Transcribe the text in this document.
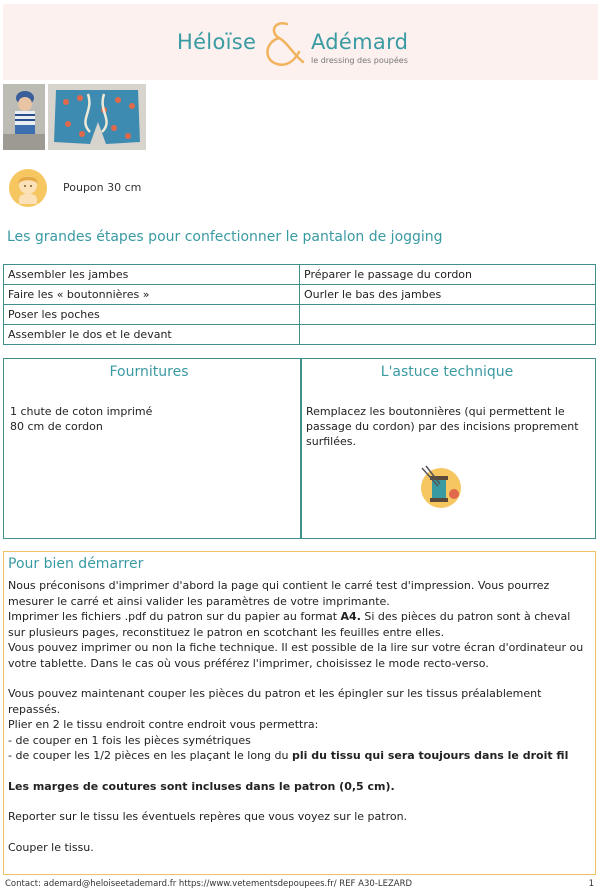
Héloïse	Adémard
le dressing des poupées
Poupon 30 cm
Les grandes étapes pour confectionner le pantalon de jogging
Assembler les jambes	Préparer le passage du cordon
Faire les « boutonnières »	Ourler le bas des jambes
Poser les poches	
Assembler le dos et le devant	
Fournitures	L'astuce technique
1 chute de coton imprimé
80 cm de cordon
Remplacez les boutonnières (qui permettent le passage du cordon) par des incisions proprement surfilées.
Pour bien démarrer

Nous préconisons d'imprimer d'abord la page qui contient le carré test d'impression. Vous pourrez mesurer le carré et ainsi valider les paramètres de votre imprimante.

Imprimer les fichiers .pdf du patron sur du papier au format A4. Si des pièces du patron sont à cheval sur plusieurs pages, reconstituez le patron en scotchant les feuilles entre elles.

Vous pouvez imprimer ou non la fiche technique. Il est possible de la lire sur votre écran d'ordinateur ou votre tablette. Dans le cas où vous préférez l'imprimer, choisissez le mode recto-verso.

Vous pouvez maintenant couper les pièces du patron et les épingler sur les tissus préalablement repassés.

Plier en 2 le tissu endroit contre endroit vous permettra:

- de couper en 1 fois les pièces symétriques

- de couper les 1/2 pièces en les plaçant le long du pli du tissu qui sera toujours dans le droit fil

Les marges de coutures sont incluses dans le patron (0,5 cm).

Reporter sur le tissu les éventuels repères que vous voyez sur le patron.

Couper le tissu.

Contact: ademard@heloiseetademard.fr https://www.vetementsdepoupees.fr/ REF A30-LEZARD	1
